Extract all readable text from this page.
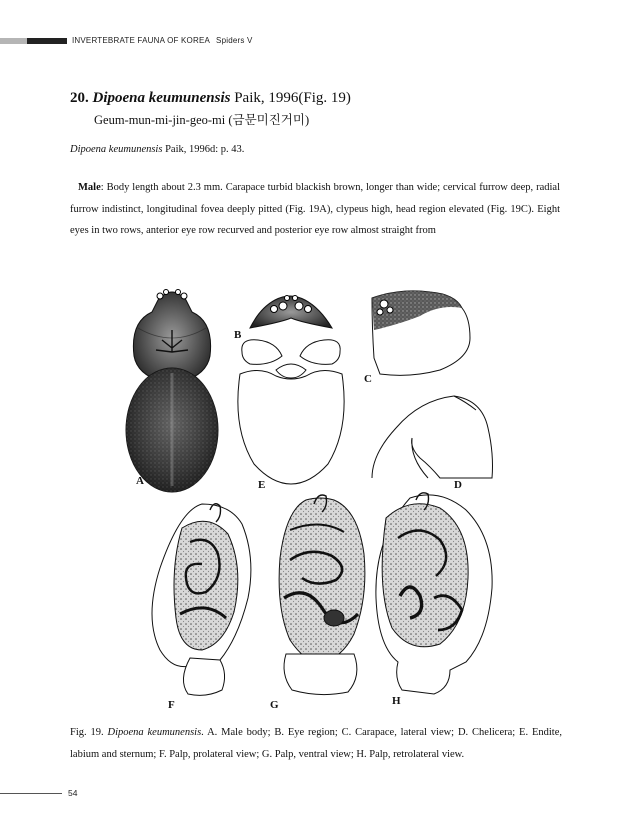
INVERTEBRATE FAUNA OF KOREA Spiders V
20. Dipoena keumunensis Paik, 1996(Fig. 19)
Geum-mun-mi-jin-geo-mi (금문미진거미)
Dipoena keumunensis Paik, 1996d: p. 43.
Male: Body length about 2.3 mm. Carapace turbid blackish brown, longer than wide; cervical furrow deep, radial furrow indistinct, longitudinal fovea deeply pitted (Fig. 19A), clypeus high, head region elevated (Fig. 19C). Eight eyes in two rows, anterior eye row recurved and posterior eye row almost straight from
A
B
E
C
D
F	G	H
Fig. 19. Dipoena keumunensis. A. Male body; B. Eye region; C. Carapace, lateral view; D. Chelicera; E. Endite, labium and sternum; F. Palp, prolateral view; G. Palp, ventral view; H. Palp, retrolateral view.
54
